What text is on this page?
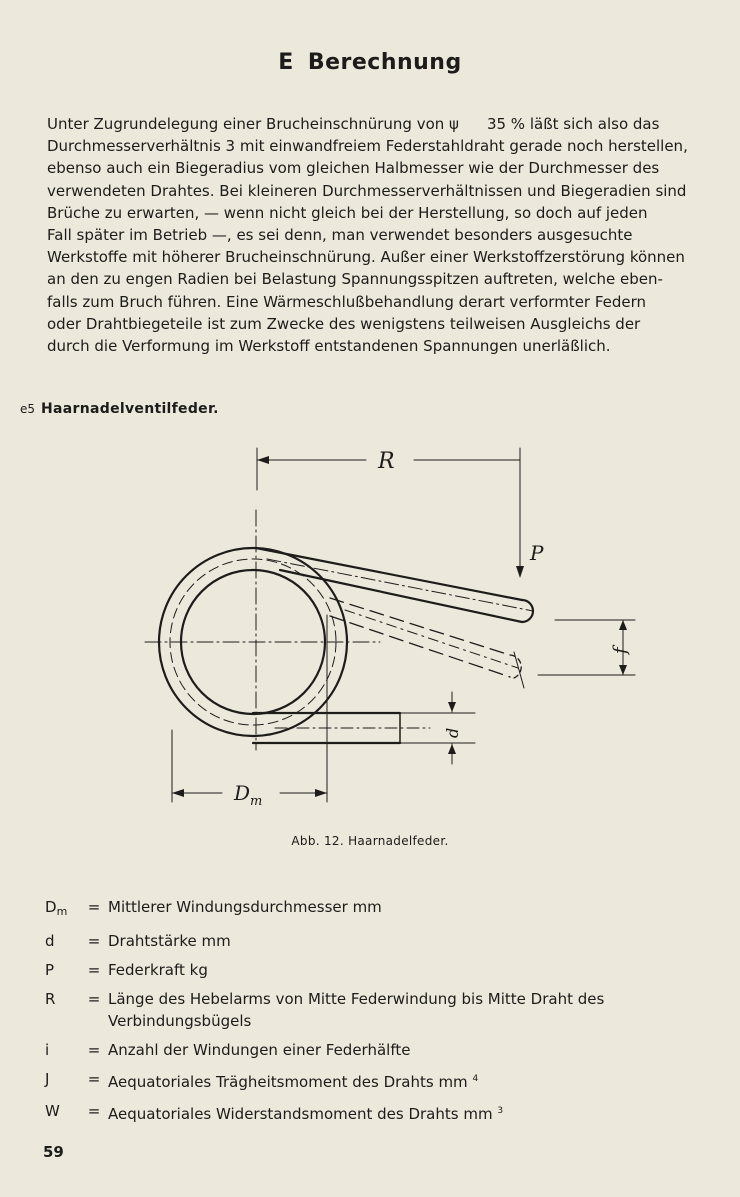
E Berechnung

Unter Zugrundelegung einer Brucheinschnürung von ψ 35 % läßt sich also das

Durchmesserverhältnis 3 mit einwandfreiem Federstahldraht gerade noch herstellen,

ebenso auch ein Biegeradius vom gleichen Halbmesser wie der Durchmesser des

verwendeten Drahtes. Bei kleineren Durchmesserverhältnissen und Biegeradien sind

Brüche zu erwarten, — wenn nicht gleich bei der Herstellung, so doch auf jeden

Fall später im Betrieb —, es sei denn, man verwendet besonders ausgesuchte

Werkstoffe mit höherer Brucheinschnürung. Außer einer Werkstoffzerstörung können

an den zu engen Radien bei Belastung Spannungsspitzen auftreten, welche eben-

falls zum Bruch führen. Eine Wärmeschlußbehandlung derart verformter Federn

oder Drahtbiegeteile ist zum Zwecke des wenigstens teilweisen Ausgleichs der

durch die Verformung im Werkstoff entstandenen Spannungen unerläßlich.

e5 Haarnadelventilfeder.
R
P
f
d
$D_m$
Abb. 12. Haarnadelfeder.
$D_m$	= Mittlerer Windungsdurchmesser mm
d	= Drahtstärke mm
P	= Federkraft kg
R	= Länge des Hebelarms von Mitte Federwindung bis Mitte Draht des Verbindungsbügels
i	= Anzahl der Windungen einer Federhälfte
J	= Aequatoriales Trägheitsmoment des Drahts mm $^4$
W	= Aequatoriales Widerstandsmoment des Drahts mm $^3$
59
